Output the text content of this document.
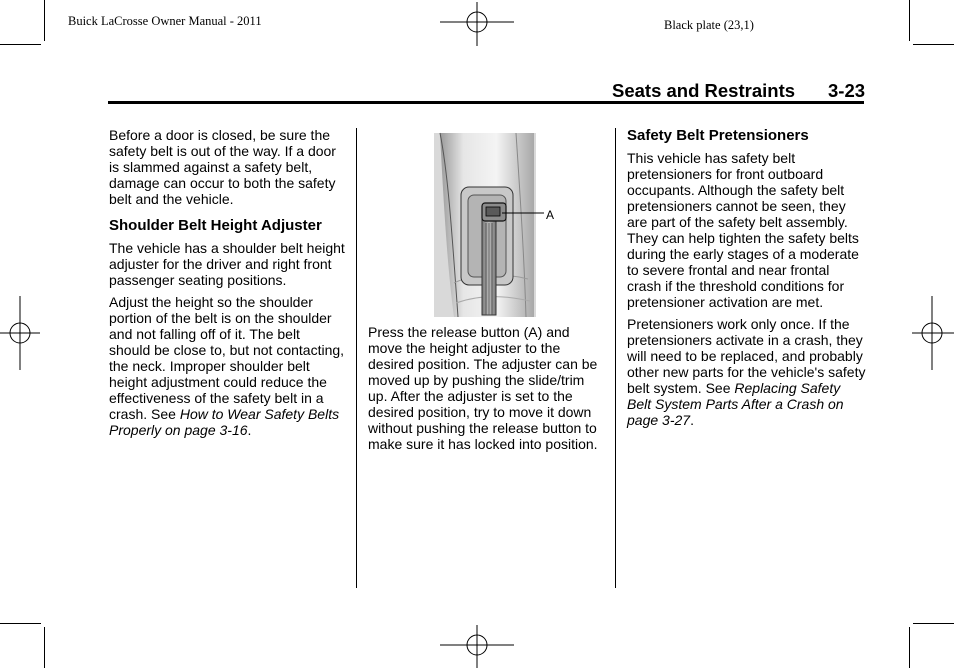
Buick LaCrosse Owner Manual - 2011	Black plate (23,1)
Seats and Restraints 3-23

Before a door is closed, be sure the safety belt is out of the way. If a door is slammed against a safety belt, damage can occur to both the safety belt and the vehicle.

Shoulder Belt Height Adjuster

The vehicle has a shoulder belt height adjuster for the driver and right front passenger seating positions.

Adjust the height so the shoulder portion of the belt is on the shoulder and not falling off of it. The belt should be close to, but not contacting, the neck. Improper shoulder belt height adjustment could reduce the effectiveness of the safety belt in a crash. See How to Wear Safety Belts Properly on page 3-16.

A

Press the release button (A) and move the height adjuster to the desired position. The adjuster can be moved up by pushing the slide/trim up. After the adjuster is set to the desired position, try to move it down without pushing the release button to make sure it has locked into position.

Safety Belt Pretensioners

This vehicle has safety belt pretensioners for front outboard occupants. Although the safety belt pretensioners cannot be seen, they are part of the safety belt assembly. They can help tighten the safety belts during the early stages of a moderate to severe frontal and near frontal crash if the threshold conditions for pretensioner activation are met.

Pretensioners work only once. If the pretensioners activate in a crash, they will need to be replaced, and probably other new parts for the vehicle's safety belt system. See Replacing Safety Belt System Parts After a Crash on page 3-27.
